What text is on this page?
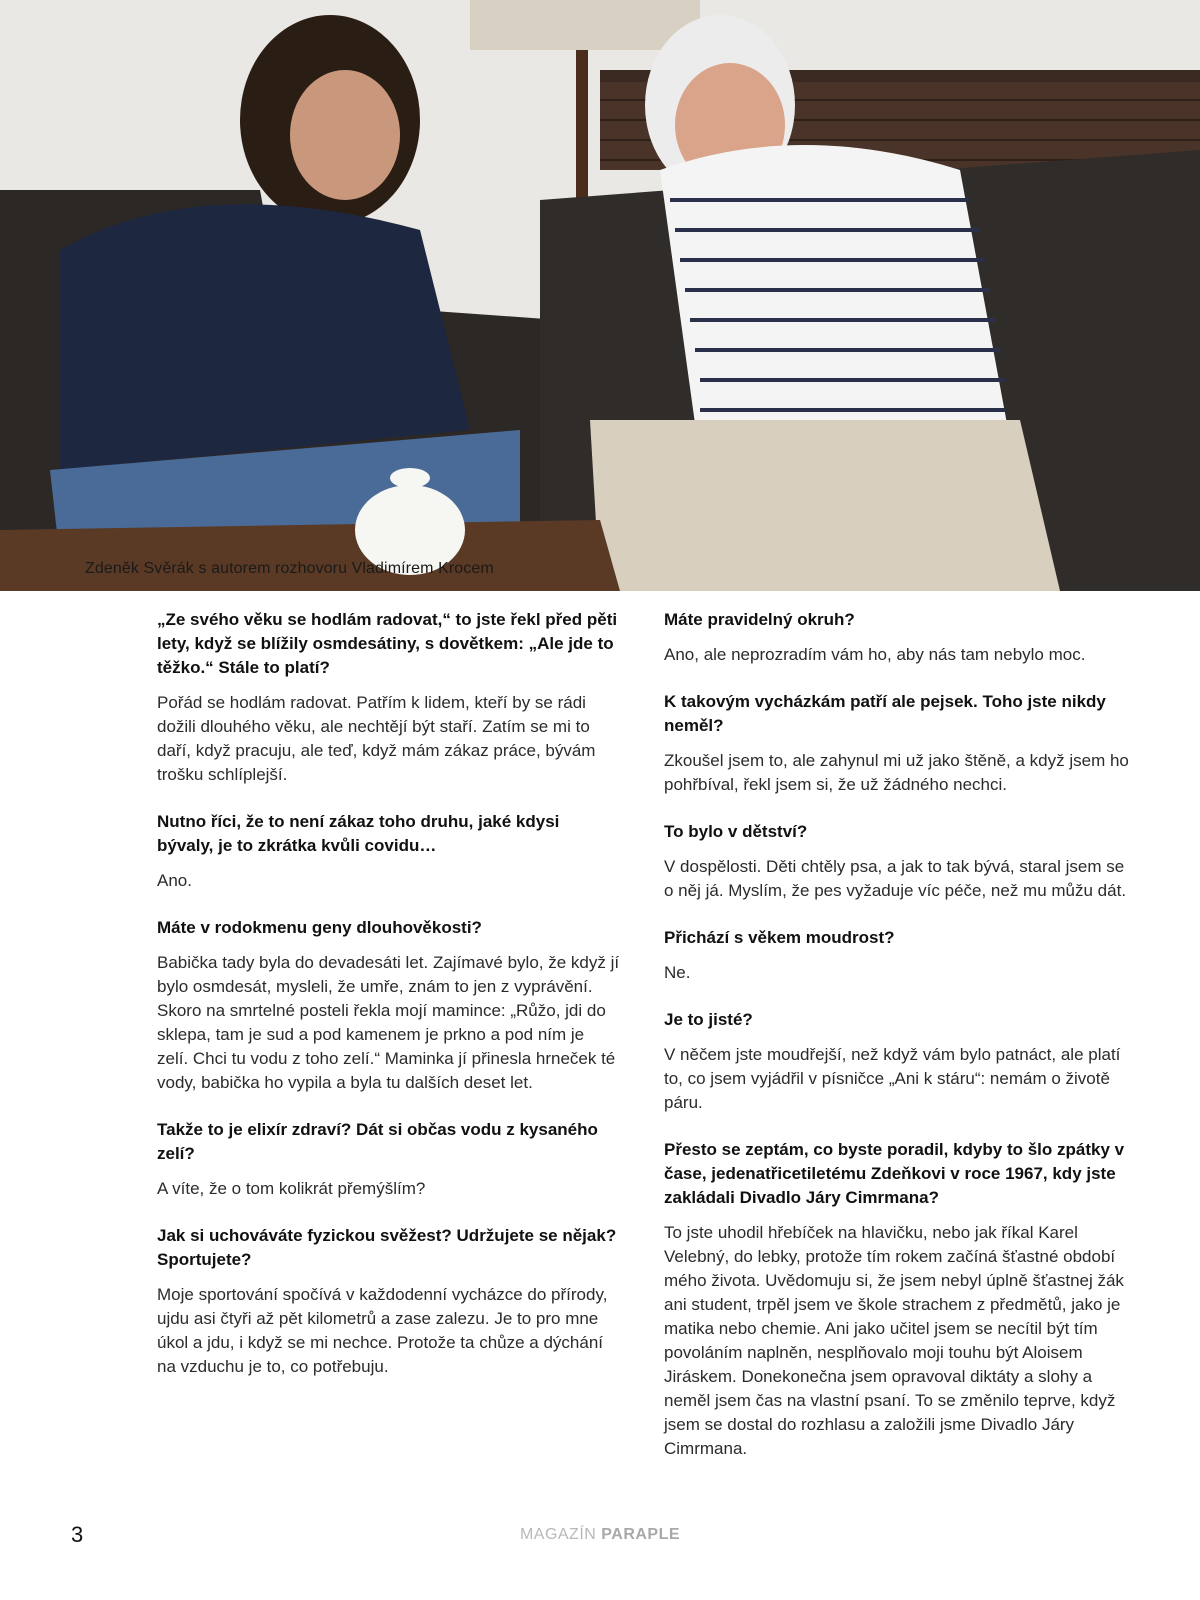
Zdeněk Svěrák s autorem rozhovoru Vladimírem Krocem

„Ze svého věku se hodlám radovat,“ to jste řekl před pěti lety, když se blížily osmdesátiny, s dovětkem: „Ale jde to těžko.“ Stále to platí?

Pořád se hodlám radovat. Patřím k lidem, kteří by se rádi dožili dlouhého věku, ale nechtějí být staří. Zatím se mi to daří, když pracuju, ale teď, když mám zákaz práce, bývám trošku schlíplejší.

Nutno říci, že to není zákaz toho druhu, jaké kdysi bývaly, je to zkrátka kvůli covidu…

Ano.

Máte v rodokmenu geny dlouhověkosti?

Babička tady byla do devadesáti let. Zajímavé bylo, že když jí bylo osmdesát, mysleli, že umře, znám to jen z vyprávění. Skoro na smrtelné posteli řekla mojí mamince: „Růžo, jdi do sklepa, tam je sud a pod kamenem je prkno a pod ním je zelí. Chci tu vodu z toho zelí.“ Maminka jí přinesla hrneček té vody, babička ho vypila a byla tu dalších deset let.

Takže to je elixír zdraví? Dát si občas vodu z kysaného zelí?

A víte, že o tom kolikrát přemýšlím?

Jak si uchováváte fyzickou svěžest? Udržujete se nějak? Sportujete?

Moje sportování spočívá v každodenní vycházce do přírody, ujdu asi čtyři až pět kilometrů a zase zalezu. Je to pro mne úkol a jdu, i když se mi nechce. Protože ta chůze a dýchání na vzduchu je to, co potřebuju.

Máte pravidelný okruh?

Ano, ale neprozradím vám ho, aby nás tam nebylo moc.

K takovým vycházkám patří ale pejsek. Toho jste nikdy neměl?

Zkoušel jsem to, ale zahynul mi už jako štěně, a když jsem ho pohřbíval, řekl jsem si, že už žádného nechci.

To bylo v dětství?

V dospělosti. Děti chtěly psa, a jak to tak bývá, staral jsem se o něj já. Myslím, že pes vyžaduje víc péče, než mu můžu dát.

Přichází s věkem moudrost?

Ne.

Je to jisté?

V něčem jste moudřejší, než když vám bylo patnáct, ale platí to, co jsem vyjádřil v písničce „Ani k stáru“: nemám o životě páru.

Přesto se zeptám, co byste poradil, kdyby to šlo zpátky v čase, jedenatřicetiletému Zdeňkovi v roce 1967, kdy jste zakládali Divadlo Járy Cimrmana?

To jste uhodil hřebíček na hlavičku, nebo jak říkal Karel Velebný, do lebky, protože tím rokem začíná šťastné období mého života. Uvědomuju si, že jsem nebyl úplně šťastnej žák ani student, trpěl jsem ve škole strachem z předmětů, jako je matika nebo chemie. Ani jako učitel jsem se necítil být tím povoláním naplněn, nesplňovalo moji touhu být Aloisem Jiráskem. Donekonečna jsem opravoval diktáty a slohy a neměl jsem čas na vlastní psaní. To se změnilo teprve, když jsem se dostal do rozhlasu a založili jsme Divadlo Járy Cimrmana.

3	MAGAZÍN PARAPLE
